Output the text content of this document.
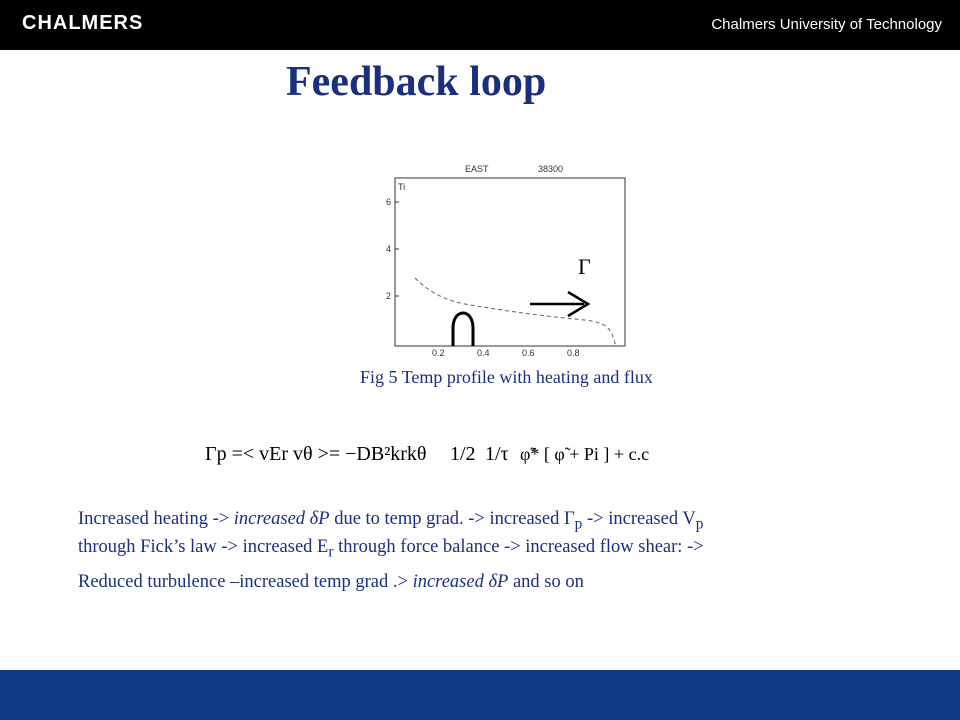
CHALMERS	Chalmers University of Technology
Feedback loop
EAST	38300
Ti
6
4
2
0.2	0.4	0.6	0.8
Γ
Fig 5 Temp profile with heating and flux
Γp =< vEr vθ >= −DB²krkθ 1/2 1/τ φ̃* [ φ̃ + Pi ] + c.c

Increased heating -> increased δP due to temp grad. -> increased $\Gamma_p$ -> increased $V_p$

through Fick’s law -> increased $E_r$ through force balance -> increased flow shear: ->

Reduced turbulence –increased temp grad .> increased δP and so on
